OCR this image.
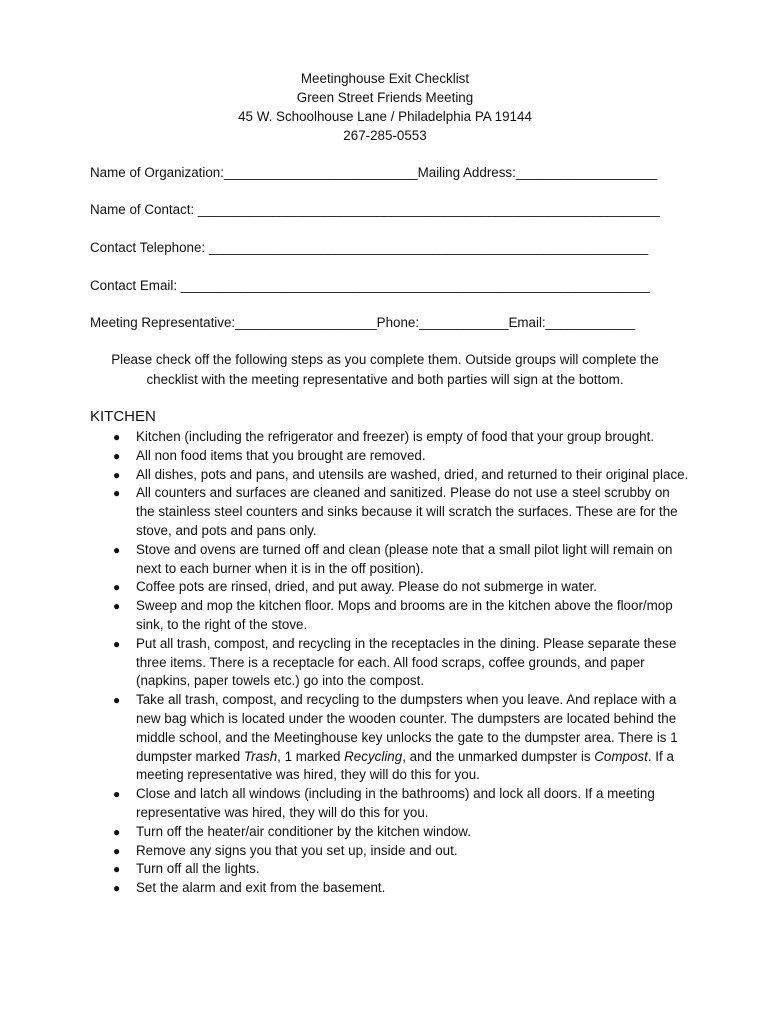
Meetinghouse Exit Checklist
Green Street Friends Meeting
45 W. Schoolhouse Lane / Philadelphia PA 19144
267-285-0553
Name of Organization:__________________________Mailing Address:___________________
Name of Contact: ______________________________________________________________
Contact Telephone: ___________________________________________________________
Contact Email: _______________________________________________________________
Meeting Representative:___________________Phone:____________Email:____________
Please check off the following steps as you complete them. Outside groups will complete the checklist with the meeting representative and both parties will sign at the bottom.
KITCHEN
● Kitchen (including the refrigerator and freezer) is empty of food that your group brought.
● All non food items that you brought are removed.
● All dishes, pots and pans, and utensils are washed, dried, and returned to their original place.
● All counters and surfaces are cleaned and sanitized. Please do not use a steel scrubby on the stainless steel counters and sinks because it will scratch the surfaces. These are for the stove, and pots and pans only.
● Stove and ovens are turned off and clean (please note that a small pilot light will remain on next to each burner when it is in the off position).
● Coffee pots are rinsed, dried, and put away. Please do not submerge in water.
● Sweep and mop the kitchen floor. Mops and brooms are in the kitchen above the floor/mop sink, to the right of the stove.
● Put all trash, compost, and recycling in the receptacles in the dining. Please separate these three items. There is a receptacle for each. All food scraps, coffee grounds, and paper (napkins, paper towels etc.) go into the compost.
● Take all trash, compost, and recycling to the dumpsters when you leave. And replace with a new bag which is located under the wooden counter. The dumpsters are located behind the middle school, and the Meetinghouse key unlocks the gate to the dumpster area. There is 1 dumpster marked Trash, 1 marked Recycling, and the unmarked dumpster is Compost. If a meeting representative was hired, they will do this for you.
● Close and latch all windows (including in the bathrooms) and lock all doors. If a meeting representative was hired, they will do this for you.
● Turn off the heater/air conditioner by the kitchen window.
● Remove any signs you that you set up, inside and out.
● Turn off all the lights.
● Set the alarm and exit from the basement.
